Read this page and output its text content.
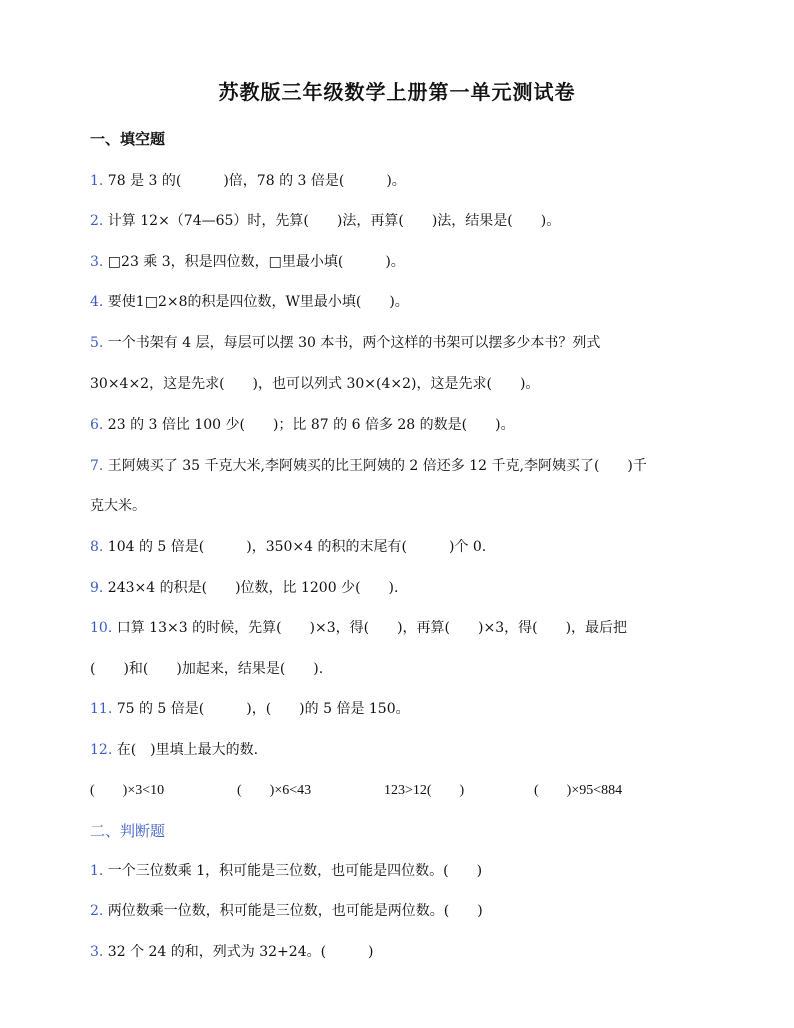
苏教版三年级数学上册第一单元测试卷
一、填空题
1. 78 是 3 的(　　　)倍，78 的 3 倍是(　　　)。
2. 计算 12×（74—65）时，先算(　　)法，再算(　　)法，结果是(　　)。
3. □23 乘 3，积是四位数，□里最小填(　　　)。
4. 要使1□2×8的积是四位数，W里最小填(　　)。
5. 一个书架有 4 层，每层可以摆 30 本书，两个这样的书架可以摆多少本书？列式
30×4×2，这是先求(　　)，也可以列式 30×(4×2)，这是先求(　　)。
6. 23 的 3 倍比 100 少(　　)；比 87 的 6 倍多 28 的数是(　　)。
7. 王阿姨买了 35 千克大米,李阿姨买的比王阿姨的 2 倍还多 12 千克,李阿姨买了(　　)千
克大米。
8. 104 的 5 倍是(　　　)，350×4 的积的末尾有(　　　)个 0.
9. 243×4 的积是(　　)位数，比 1200 少(　　).
10. 口算 13×3 的时候，先算(　　)×3，得(　　)，再算(　　)×3，得(　　)，最后把
(　　)和(　　)加起来，结果是(　　).
11. 75 的 5 倍是(　　　)，(　　)的 5 倍是 150。
12. 在(　)里填上最大的数.
(　　)×3<10	(　　)×6<43	123>12(　　)	(　　)×95<884
二、判断题
1. 一个三位数乘 1，积可能是三位数，也可能是四位数。(　　)
2. 两位数乘一位数，积可能是三位数，也可能是两位数。(　　)
3. 32 个 24 的和，列式为 32+24。(　　　)
